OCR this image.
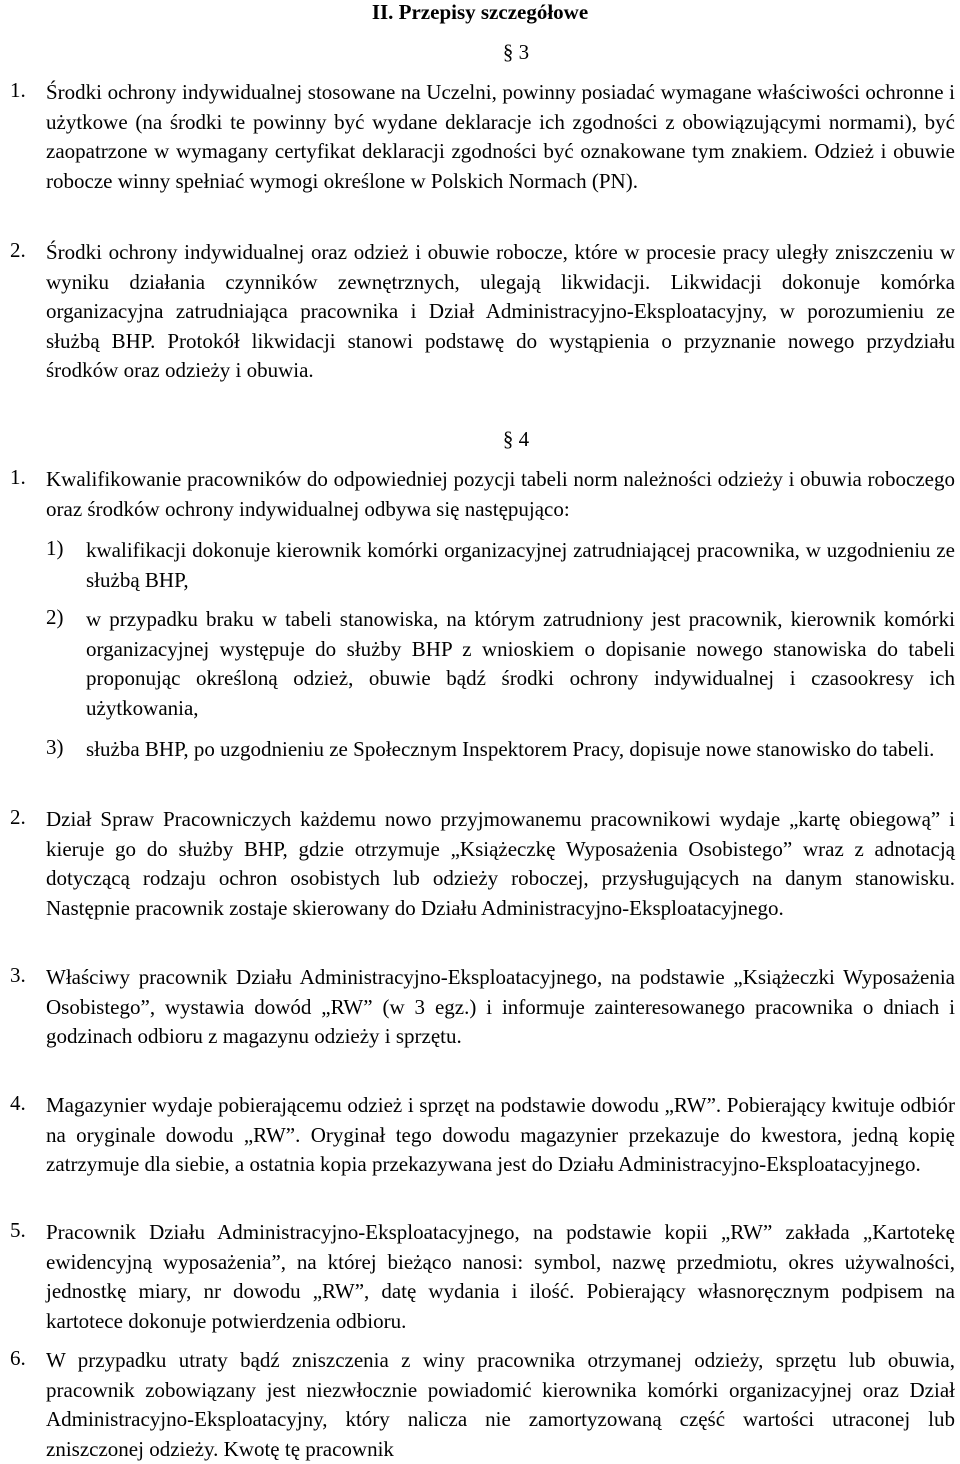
II. Przepisy szczegółowe
§ 3
1. Środki ochrony indywidualnej stosowane na Uczelni, powinny posiadać wymagane właściwości ochronne i użytkowe (na środki te powinny być wydane deklaracje ich zgodności z obowiązującymi normami), być zaopatrzone w wymagany certyfikat deklaracji zgodności być oznakowane tym znakiem. Odzież i obuwie robocze winny spełniać wymogi określone w Polskich Normach (PN).
2. Środki ochrony indywidualnej oraz odzież i obuwie robocze, które w procesie pracy uległy zniszczeniu w wyniku działania czynników zewnętrznych, ulegają likwidacji. Likwidacji dokonuje komórka organizacyjna zatrudniająca pracownika i Dział Administracyjno-Eksploatacyjny, w porozumieniu ze służbą BHP. Protokół likwidacji stanowi podstawę do wystąpienia o przyznanie nowego przydziału środków oraz odzieży i obuwia.
§ 4
1. Kwalifikowanie pracowników do odpowiedniej pozycji tabeli norm należności odzieży i obuwia roboczego oraz środków ochrony indywidualnej odbywa się następująco:
1) kwalifikacji dokonuje kierownik komórki organizacyjnej zatrudniającej pracownika, w uzgodnieniu ze służbą BHP,
2) w przypadku braku w tabeli stanowiska, na którym zatrudniony jest pracownik, kierownik komórki organizacyjnej występuje do służby BHP z wnioskiem o dopisanie nowego stanowiska do tabeli proponując określoną odzież, obuwie bądź środki ochrony indywidualnej i czasookresy ich użytkowania,
3) służba BHP, po uzgodnieniu ze Społecznym Inspektorem Pracy, dopisuje nowe stanowisko do tabeli.
2. Dział Spraw Pracowniczych każdemu nowo przyjmowanemu pracownikowi wydaje „kartę obiegową” i kieruje go do służby BHP, gdzie otrzymuje „Książeczkę Wyposażenia Osobistego” wraz z adnotacją dotyczącą rodzaju ochron osobistych lub odzieży roboczej, przysługujących na danym stanowisku. Następnie pracownik zostaje skierowany do Działu Administracyjno-Eksploatacyjnego.
3. Właściwy pracownik Działu Administracyjno-Eksploatacyjnego, na podstawie „Książeczki Wyposażenia Osobistego”, wystawia dowód „RW” (w 3 egz.) i informuje zainteresowanego pracownika o dniach i godzinach odbioru z magazynu odzieży i sprzętu.
4. Magazynier wydaje pobierającemu odzież i sprzęt na podstawie dowodu „RW”. Pobierający kwituje odbiór na oryginale dowodu „RW”. Oryginał tego dowodu magazynier przekazuje do kwestora, jedną kopię zatrzymuje dla siebie, a ostatnia kopia przekazywana jest do Działu Administracyjno-Eksploatacyjnego.
5. Pracownik Działu Administracyjno-Eksploatacyjnego, na podstawie kopii „RW” zakłada „Kartotekę ewidencyjną wyposażenia”, na której bieżąco nanosi: symbol, nazwę przedmiotu, okres używalności, jednostkę miary, nr dowodu „RW”, datę wydania i ilość. Pobierający własnoręcznym podpisem na kartotece dokonuje potwierdzenia odbioru.
6. W przypadku utraty bądź zniszczenia z winy pracownika otrzymanej odzieży, sprzętu lub obuwia, pracownik zobowiązany jest niezwłocznie powiadomić kierownika komórki organizacyjnej oraz Dział Administracyjno-Eksploatacyjny, który nalicza nie zamortyzowaną część wartości utraconej lub zniszczonej odzieży. Kwotę tę pracownik
